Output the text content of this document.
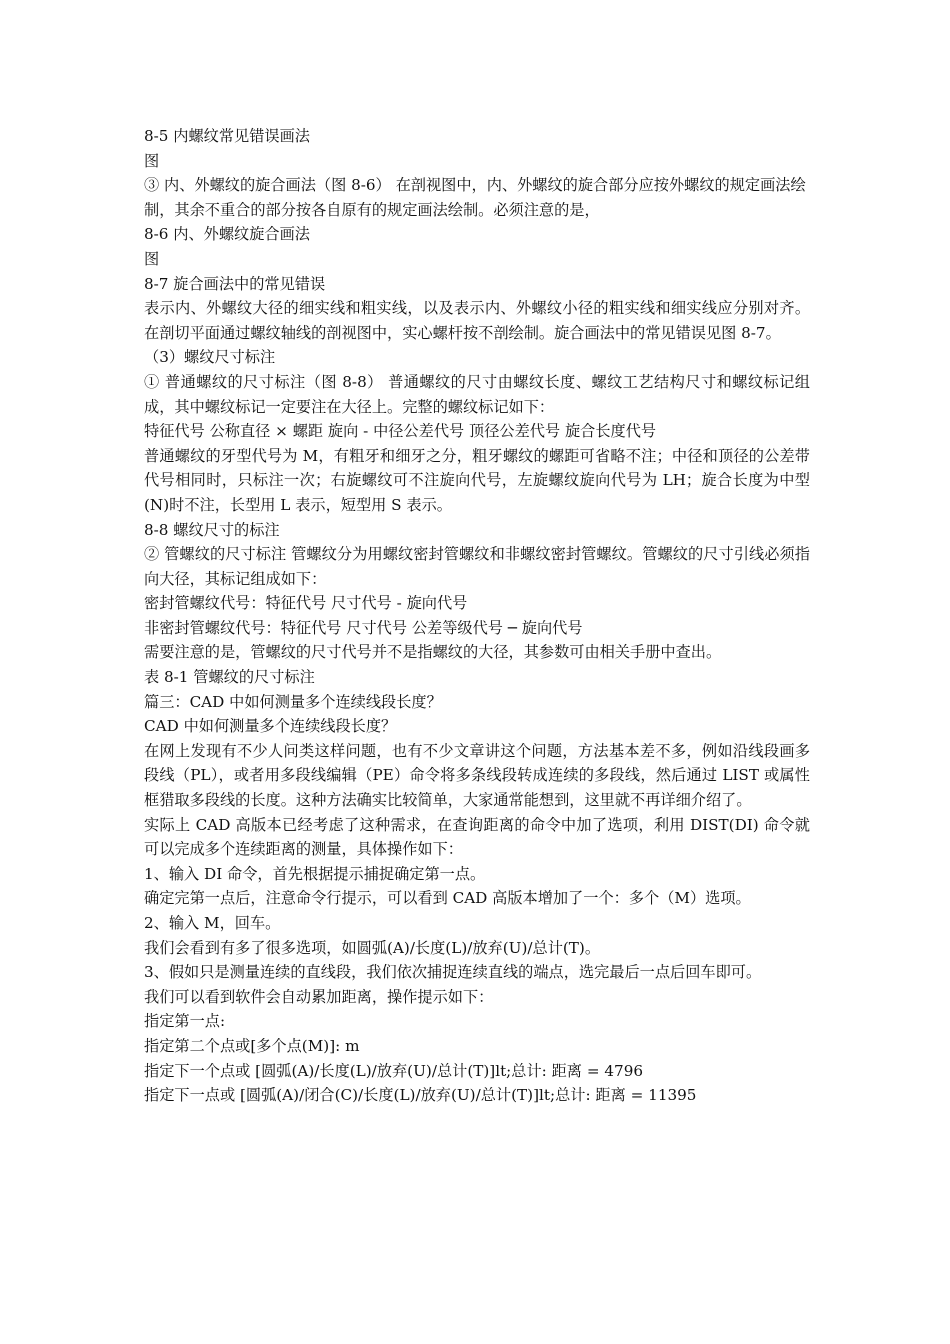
8-5 内螺纹常见错误画法

图

③ 内、外螺纹的旋合画法（图 8-6） 在剖视图中，内、外螺纹的旋合部分应按外螺纹的规定画法绘

制，其余不重合的部分按各自原有的规定画法绘制。必须注意的是，

8-6 内、外螺纹旋合画法

图

8-7 旋合画法中的常见错误

表示内、外螺纹大径的细实线和粗实线，以及表示内、外螺纹小径的粗实线和细实线应分别对齐。在剖切平面通过螺纹轴线的剖视图中，实心螺杆按不剖绘制。旋合画法中的常见错误见图 8-7。

（3）螺纹尺寸标注

① 普通螺纹的尺寸标注（图 8-8） 普通螺纹的尺寸由螺纹长度、螺纹工艺结构尺寸和螺纹标记组成，其中螺纹标记一定要注在大径上。完整的螺纹标记如下：

特征代号 公称直径 × 螺距 旋向 - 中径公差代号 顶径公差代号 旋合长度代号

普通螺纹的牙型代号为 M，有粗牙和细牙之分，粗牙螺纹的螺距可省略不注；中径和顶径的公差带代号相同时，只标注一次；右旋螺纹可不注旋向代号，左旋螺纹旋向代号为 LH；旋合长度为中型(N)时不注，长型用 L 表示，短型用 S 表示。

8-8 螺纹尺寸的标注

② 管螺纹的尺寸标注 管螺纹分为用螺纹密封管螺纹和非螺纹密封管螺纹。管螺纹的尺寸引线必须指向大径，其标记组成如下：

密封管螺纹代号：特征代号 尺寸代号 - 旋向代号

非密封管螺纹代号：特征代号 尺寸代号 公差等级代号 ─ 旋向代号

需要注意的是，管螺纹的尺寸代号并不是指螺纹的大径，其参数可由相关手册中查出。

表 8-1 管螺纹的尺寸标注

篇三：CAD 中如何测量多个连续线段长度？

CAD 中如何测量多个连续线段长度？

在网上发现有不少人问类这样问题，也有不少文章讲这个问题，方法基本差不多，例如沿线段画多段线（PL），或者用多段线编辑（PE）命令将多条线段转成连续的多段线，然后通过 LIST 或属性框猎取多段线的长度。这种方法确实比较简单，大家通常能想到，这里就不再详细介绍了。

实际上 CAD 高版本已经考虑了这种需求，在查询距离的命令中加了选项，利用 DIST(DI) 命令就可以完成多个连续距离的测量，具体操作如下：

1、输入 DI 命令，首先根据提示捕捉确定第一点。

确定完第一点后，注意命令行提示，可以看到 CAD 高版本增加了一个：多个（M）选项。

2、输入 M，回车。

我们会看到有多了很多选项，如圆弧(A)/长度(L)/放弃(U)/总计(T)。

3、假如只是测量连续的直线段，我们依次捕捉连续直线的端点，选完最后一点后回车即可。

我们可以看到软件会自动累加距离，操作提示如下：

指定第一点:

指定第二个点或[多个点(M)]: m

指定下一个点或 [圆弧(A)/长度(L)/放弃(U)/总计(T)]lt;总计: 距离 = 4796

指定下一点或 [圆弧(A)/闭合(C)/长度(L)/放弃(U)/总计(T)]lt;总计: 距离 = 11395
